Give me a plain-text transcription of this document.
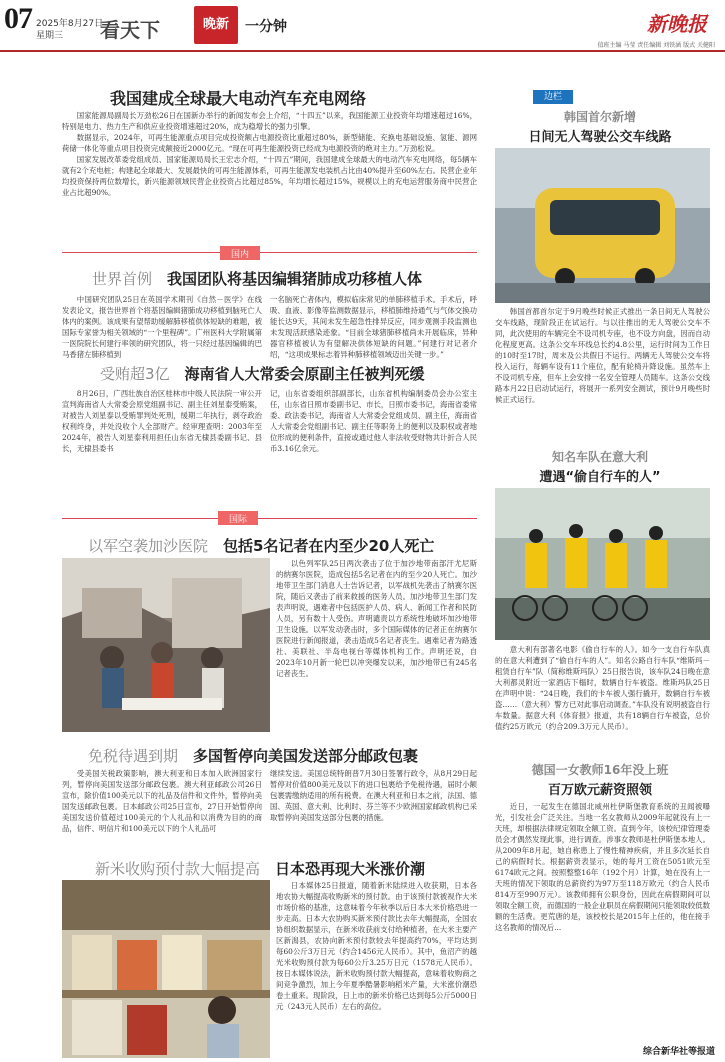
07 2025年8月27日
星期三	看天下	晚新	一分钟	新晚报
值班主编 马莹 责任编辑 刘铁涵 版式 关健阳
我国建成全球最大电动汽车充电网络

国家能源局副局长万劲松26日在国新办举行的新闻发布会上介绍，“十四五”以来，我国能源工业投资年均增速超过16%，特别是电力、热力生产和供应业投资增速超过20%，成为稳增长的强力引擎。

数据显示，2024年，可再生能源重点项目完成投资额占电源投资比重超过80%，新型储能、充换电基础设施、氢能、源网荷储一体化等重点项目投资完成额接近2000亿元。“现在可再生能源投资已经成为电源投资的绝对主力。”万劲松说。

国家发展改革委党组成员、国家能源局局长王宏志介绍，“十四五”期间，我国建成全球最大的电动汽车充电网络，每5辆车就有2个充电桩；构建起全球最大、发展最快的可再生能源体系，可再生能源发电装机占比由40%提升至60%左右。民营企业年均投资保持两位数增长，新兴能源领域民营企业投资占比超过85%，年均增长超过15%，规模以上的充电运营服务商中民营企业占比超90%。

国内
世界首例  我国团队将基因编辑猪肺成功移植人体

中国研究团队25日在英国学术期刊《自然－医学》在线发表论文，报告世界首个将基因编辑猪肺成功移植到脑死亡人体内的案例。该成果有望帮助缓解肺移植供体短缺的难题，被国际专家誉为相关领域的“一个里程碑”。广州医科大学附属第一医院院长何建行率领的研究团队，将一只经过基因编辑的巴马香猪左肺移植到

一名脑死亡者体内，模拟临床常见的单肺移植手术。手术后，呼吸、血液、影像等监测数据显示，移植肺维持通气与气体交换功能长达9天，其间未发生超急性排异反应，同步观测手段监测也未发现活跃感染迹象。“目前全球猪肺移植尚未开展临床，异种器官移植被认为有望解决供体短缺的问题。”何建行对记者介绍，“这项成果标志着异种肺移植领域迈出关键一步。”

受贿超3亿  海南省人大常委会原副主任被判死缓

8月26日，广西壮族自治区桂林市中级人民法院一审公开宣判海南省人大常委会原党组副书记、副主任刘星泰受贿案，对被告人刘星泰以受贿罪判处死刑，缓期二年执行，剥夺政治权利终身，并处没收个人全部财产。经审理查明：2003年至2024年，被告人刘星泰利用担任山东省无棣县委副书记、县长，无棣县委书

记，山东省委组织部副部长，山东省机构编制委员会办公室主任，山东省日照市委副书记、市长，日照市委书记，海南省委常委、政法委书记，海南省人大常委会党组成员、副主任，海南省人大常委会党组副书记、副主任等职务上的便利以及职权或者地位形成的便利条件，直接或通过他人非法收受财物共计折合人民币3.16亿余元。

国际
以军空袭加沙医院  包括5名记者在内至少20人死亡

以色列军队25日两次袭击了位于加沙地带南部汗尤尼斯的纳赛尔医院，造成包括5名记者在内的至少20人死亡。加沙地带卫生部门消息人士告诉记者，以军战机先袭击了纳赛尔医院，随后又袭击了前来救援的医务人员。加沙地带卫生部门发表声明说，遇难者中包括医护人员、病人、新闻工作者和民防人员，另有数十人受伤。声明谴责以方系统性地破坏加沙地带卫生设施。以军发动袭击时，多个国际媒体的记者正在纳赛尔医院进行新闻报道，袭击造成5名记者丧生。遇难记者为路透社、美联社、半岛电视台等媒体机构工作。声明还说，自2023年10月新一轮巴以冲突爆发以来，加沙地带已有245名记者丧生。

免税待遇到期  多国暂停向美国发送部分邮政包裹

受美国关税政策影响，澳大利亚和日本加入欧洲国家行列，暂停向美国发送部分邮政包裹。澳大利亚邮政公司26日宣布，除价值100美元以下的礼品及信件和文件外，暂停向美国发送邮政包裹。日本邮政公司25日宣布，27日开始暂停向美国发送价值超过100美元的个人礼品和以消费为目的的商品，信件、明信片和100美元以下的个人礼品可

继续发送。美国总统特朗普7月30日签署行政令，从8月29日起暂停对价值800美元及以下的进口包裹给予免税待遇，届时小额包裹需缴纳适用的所有税费。在澳大利亚和日本之前，法国、德国、英国、意大利、比利时、芬兰等不少欧洲国家邮政机构已采取暂停向美国发送部分包裹的措施。

新米收购预付款大幅提高  日本恐再现大米涨价潮

日本媒体25日报道，随着新米陆续进入收获期，日本各地农协大幅提高收购新米的预付款。由于该预付款被视作大米市场价格的基准，这意味着今年秋季以后日本大米价格恐进一步走高。日本大农协购买新米预付款比去年大幅提高，全国农协组织数据显示，在新米收获前支付给种植者，在大米主要产区新潟县，农协向新米预付款较去年提高约70%，平均达到每60公斤3万日元（约合1456元人民币）。其中，鱼沼产的越光米收购预付款为每60公斤3.25万日元（1578元人民币）。按日本媒体说法，新米收购预付款大幅提高，意味着收购商之间竞争激烈，加上今年夏季酷暑影响稻米产量，大米涨价潮恐卷土重来。现阶段，日上市的新米价格已达到每5公斤5000日元（243元人民币）左右的高位。

边栏
韩国首尔新增
日间无人驾驶公交车线路

韩国首都首尔定于9月晚些时候正式推出一条日间无人驾驶公交车线路，现阶段正在试运行。与以往推出的无人驾驶公交车不同，此次使用的车辆完全不设司机专座，也不设方向盘，因而自动化程度更高。这条公交车环线总长约4.8公里，运行时间为工作日的10时至17时，周末及公共假日不运行。两辆无人驾驶公交车将投入运行，每辆车设有11个座位，配有轮椅升降设施。虽然车上不设司机专座，但车上会安排一名安全管理人员随车。这条公交线路本月22日启动试运行，将展开一系列安全测试，预计9月晚些时候正式运行。

知名车队在意大利
遭遇“偷自行车的人”

意大利有部著名电影《偷自行车的人》。如今一支自行车队真的在意大利遭到了“偷自行车的人”。知名公路自行车队“维斯玛－租赁自行车”队（简称维斯玛队）25日报告说，该车队24日晚在意大利都灵附近一家酒店下榻时，数辆自行车被盗。维斯玛队25日在声明中说：“24日晚，我们的卡车被人强行撬开，数辆自行车被盗……（意大利）警方已对此事启动调查。”车队没有说明被盗自行车数量。据意大利《体育报》报道，共有18辆自行车被盗，总价值约25万欧元（约合209.3万元人民币）。

德国一女教师16年没上班
百万欧元薪资照领

近日，一起发生在德国北威州杜伊斯堡教育系统的丑闻被曝光，引发社会广泛关注。当地一名女教师从2009年起就没有上一天班，却根据法律规定领取全额工资。直到今年，该校纪律管理委员会才偶然发现此事，进行调查。涉事女教师是杜伊斯堡本地人。从2009年8月起，她自称患上了慢性精神疾病，并且多次延长自己的病假时长。根据薪资表显示，她的每月工资在5051欧元至6174欧元之间。按照整整16年（192个月）计算，她在没有上一天班的情况下领取的总薪资约为97万至118万欧元（约合人民币814万至990万元）。该教师拥有公职身份，因此在病假期间可以领取全额工资，而德国的一般企业职员在病假期间只能领取较低数额的生活费。更荒唐的是，该校校长是2015年上任的，他在接手这名教师的情况后...

综合新华社等报道
